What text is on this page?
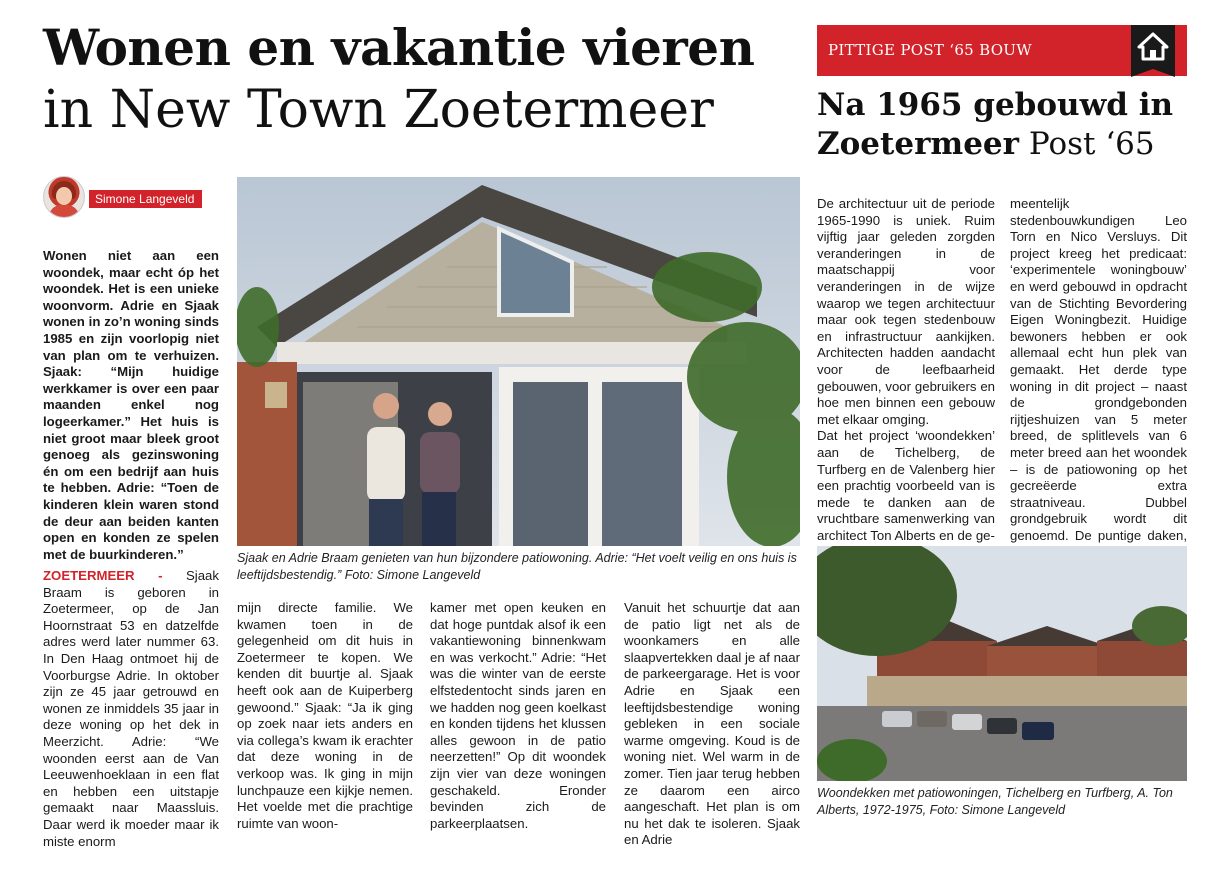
Wonen en vakantie vieren
in New Town Zoetermeer
Simone Langeveld

Wonen niet aan een woondek, maar echt óp het woondek. Het is een unieke woonvorm. Adrie en Sjaak wonen in zo’n woning sinds 1985 en zijn voorlopig niet van plan om te verhuizen. Sjaak: “Mijn huidige werkkamer is over een paar maanden enkel nog logeerkamer.” Het huis is niet groot maar bleek groot genoeg als gezinswoning én om een bedrijf aan huis te hebben. Adrie: “Toen de kinderen klein waren stond de deur aan beiden kanten open en konden ze spelen met de buurkinderen.”

ZOETERMEER - Sjaak Braam is geboren in Zoetermeer, op de Jan Hoornstraat 53 en datzelfde adres werd later nummer 63. In Den Haag ontmoet hij de Voorburgse Adrie. In oktober zijn ze 45 jaar getrouwd en wonen ze inmiddels 35 jaar in deze woning op het dek in Meerzicht. Adrie: “We woonden eerst aan de Van Leeuwenhoeklaan in een flat en hebben een uitstapje gemaakt naar Maassluis. Daar werd ik moeder maar ik miste enorm

Sjaak en Adrie Braam genieten van hun bijzondere patiowoning. Adrie: “Het voelt veilig en ons huis is leeftijdsbestendig.” Foto: Simone Langeveld

mijn directe familie. We kwamen toen in de gelegenheid om dit huis in Zoetermeer te kopen. We kenden dit buurtje al. Sjaak heeft ook aan de Kuiperberg gewoond.” Sjaak: “Ja ik ging op zoek naar iets anders en via collega’s kwam ik erachter dat deze woning in de verkoop was. Ik ging in mijn lunchpauze een kijkje nemen. Het voelde met die prachtige ruimte van woon-

kamer met open keuken en dat hoge puntdak alsof ik een vakantiewoning binnenkwam en was verkocht.” Adrie: “Het was die winter van de eerste elfstedentocht sinds jaren en we hadden nog geen koelkast en konden tijdens het klussen alles gewoon in de patio neerzetten!” Op dit woondek zijn vier van deze woningen geschakeld. Eronder bevinden zich de parkeerplaatsen.

Vanuit het schuurtje dat aan de patio ligt net als de woonkamers en alle slaapvertekken daal je af naar de parkeergarage. Het is voor Adrie en Sjaak een leeftijdsbestendige woning gebleken in een sociale warme omgeving. Koud is de woning niet. Wel warm in de zomer. Tien jaar terug hebben ze daarom een airco aangeschaft. Het plan is om nu het dak te isoleren. Sjaak en Adrie

PITTIGE POST ‘65 BOUW
Na 1965 gebouwd in Zoetermeer Post ‘65

De architectuur uit de periode 1965-1990 is uniek. Ruim vijftig jaar geleden zorgden veranderingen in de maatschappij voor veranderingen in de wijze waarop we tegen architectuur maar ook tegen stedenbouw en infrastructuur aankijken. Architecten hadden aandacht voor de leefbaarheid gebouwen, voor gebruikers en hoe men binnen een gebouw met elkaar omging.

Dat het project ‘woondekken’ aan de Tichelberg, de Turfberg en de Valenberg hier een prachtig voorbeeld van is mede te danken aan de vruchtbare samenwerking van architect Ton Alberts en de ge-

meentelijk stedenbouwkundigen Leo Torn en Nico Versluys. Dit project kreeg het predicaat: ‘experimentele woningbouw’ en werd gebouwd in opdracht van de Stichting Bevordering Eigen Woningbezit. Huidige bewoners hebben er ook allemaal echt hun plek van gemaakt. Het derde type woning in dit project – naast de grondgebonden rijtjeshuizen van 5 meter breed, de splitlevels van 6 meter breed aan het woondek – is de patiowoning op het gecreëerde extra straatniveau. Dubbel grondgebruik wordt dit genoemd. De puntige daken,

Woondekken met patiowoningen, Tichelberg en Turfberg, A. Ton Alberts, 1972-1975, Foto: Simone Langeveld
